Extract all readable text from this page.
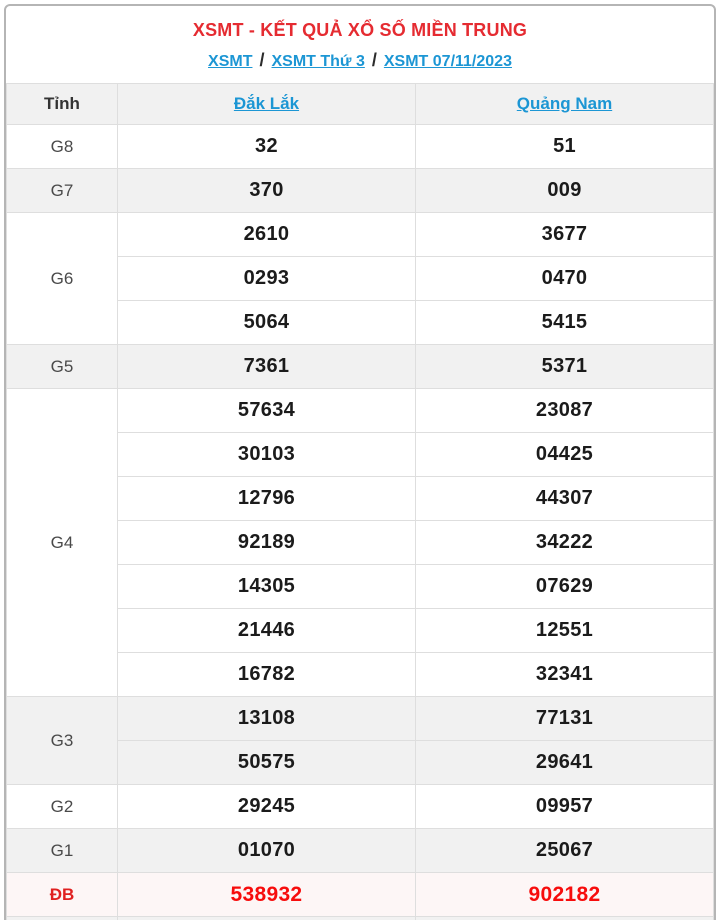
XSMT - KẾT QUẢ XỔ SỐ MIỀN TRUNG
XSMT / XSMT Thứ 3 / XSMT 07/11/2023
Tỉnh	Đắk Lắk	Quảng Nam
G8	32	51
G7	370	009
G6	2610	3677
	0293	0470
	5064	5415
G5	7361	5371
G4	57634	23087
	30103	04425
	12796	44307
	92189	34222
	14305	07629
	21446	12551
	16782	32341
G3	13108	77131
	50575	29641
G2	29245	09957
G1	01070	25067
ĐB	538932	902182
